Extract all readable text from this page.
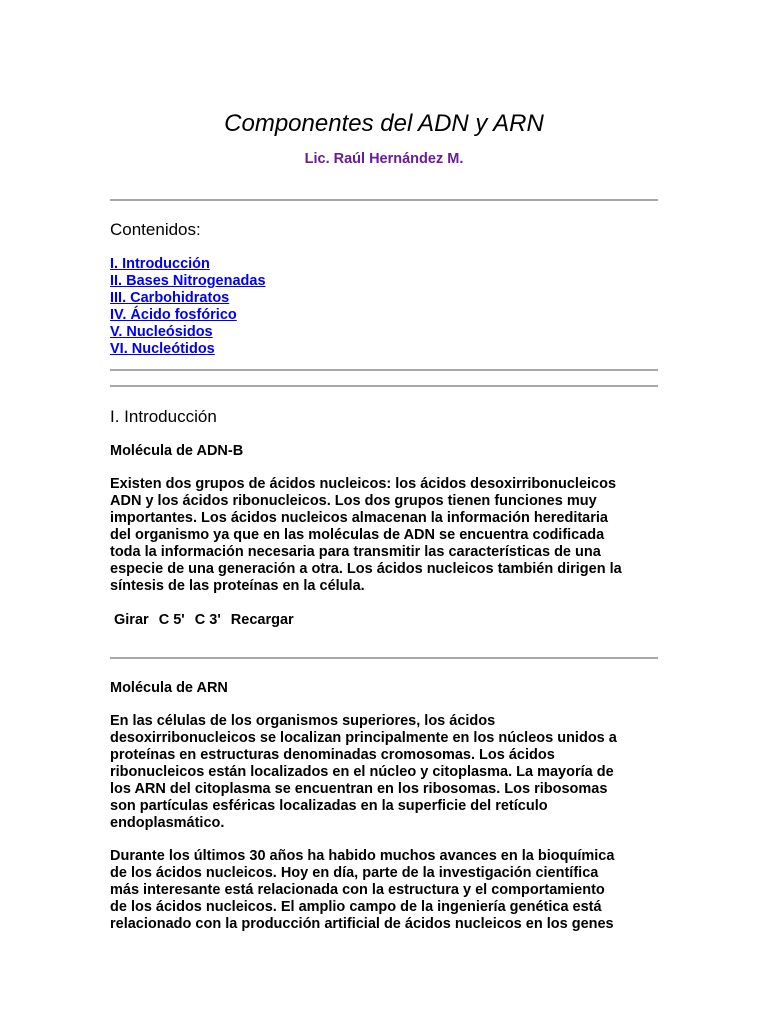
Componentes del ADN y ARN
Lic. Raúl Hernández M.
Contenidos:
I. Introducción
II. Bases Nitrogenadas
III. Carbohidratos
IV. Ácido fosfórico
V. Nucleósidos
VI. Nucleótidos
I. Introducción
Molécula de ADN-B

Existen dos grupos de ácidos nucleicos: los ácidos desoxirribonucleicos
ADN y los ácidos ribonucleicos. Los dos grupos tienen funciones muy
importantes. Los ácidos nucleicos almacenan la información hereditaria
del organismo ya que en las moléculas de ADN se encuentra codificada
toda la información necesaria para transmitir las características de una
especie de una generación a otra. Los ácidos nucleicos también dirigen la
síntesis de las proteínas en la célula.

Girar C 5' C 3' Recargar
Molécula de ARN

En las células de los organismos superiores, los ácidos
desoxirribonucleicos se localizan principalmente en los núcleos unidos a
proteínas en estructuras denominadas cromosomas. Los ácidos
ribonucleicos están localizados en el núcleo y citoplasma. La mayoría de
los ARN del citoplasma se encuentran en los ribosomas. Los ribosomas
son partículas esféricas localizadas en la superficie del retículo
endoplasmático.

Durante los últimos 30 años ha habido muchos avances en la bioquímica
de los ácidos nucleicos. Hoy en día, parte de la investigación científica
más interesante está relacionada con la estructura y el comportamiento
de los ácidos nucleicos. El amplio campo de la ingeniería genética está
relacionado con la producción artificial de ácidos nucleicos en los genes
